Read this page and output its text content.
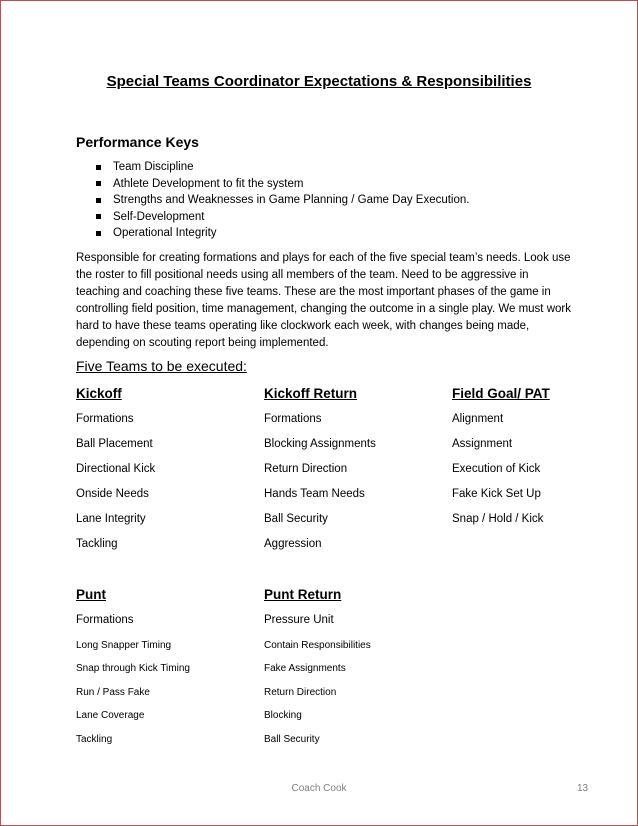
Special Teams Coordinator Expectations & Responsibilities
Performance Keys
Team Discipline
Athlete Development to fit the system
Strengths and Weaknesses in Game Planning / Game Day Execution.
Self-Development
Operational Integrity

Responsible for creating formations and plays for each of the five special team’s needs. Look use the roster to fill positional needs using all members of the team. Need to be aggressive in teaching and coaching these five teams. These are the most important phases of the game in controlling field position, time management, changing the outcome in a single play. We must work hard to have these teams operating like clockwork each week, with changes being made, depending on scouting report being implemented.

Five Teams to be executed:
Kickoff
Formations
Ball Placement
Directional Kick
Onside Needs
Lane Integrity
Tackling
Kickoff Return
Formations
Blocking Assignments
Return Direction
Hands Team Needs
Ball Security
Aggression
Field Goal/ PAT
Alignment
Assignment
Execution of Kick
Fake Kick Set Up
Snap / Hold / Kick
Punt
Formations
Long Snapper Timing
Snap through Kick Timing
Run / Pass Fake
Lane Coverage
Tackling
Punt Return
Pressure Unit
Contain Responsibilities
Fake Assignments
Return Direction
Blocking
Ball Security
Coach Cook	13
